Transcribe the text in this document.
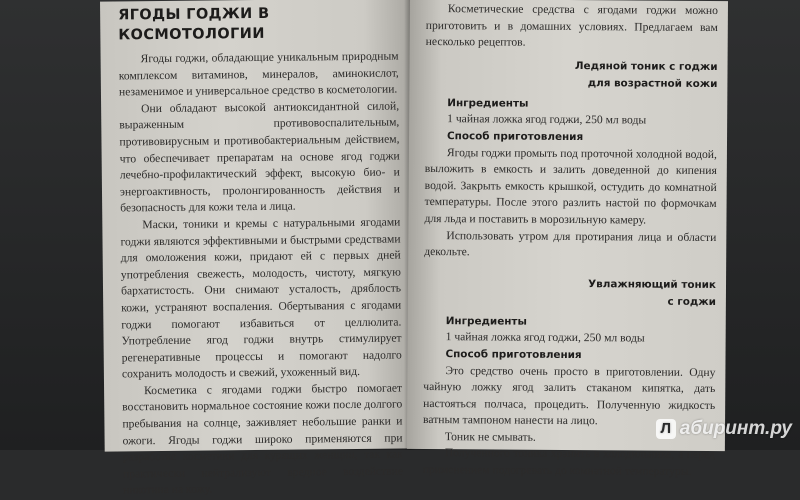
ЯГОДЫ ГОДЖИ В КОСМОТОЛОГИИ

Ягоды годжи, обладающие уникальным природным комплексом витаминов, минералов, аминокислот, незаменимое и универсальное средство в косметологии.

Они обладают высокой антиоксидантной силой, выраженным противовоспалительным, противовирусным и противобактериальным действием, что обеспечивает препаратам на основе ягод годжи лечебно-профилактический эффект, высокую био- и энергоактивность, пролонгированность действия и безопасность для кожи тела и лица.

Маски, тоники и кремы с натуральными ягодами годжи являются эффективными и быстрыми средствами для омоложения кожи, придают ей с первых дней употребления свежесть, молодость, чистоту, мягкую бархатистость. Они снимают усталость, дряблость кожи, устраняют воспаления. Обертывания с ягодами годжи помогают избавиться от целлюлита. Употребление ягод годжи внутрь стимулирует регенеративные процессы и помогают надолго сохранить молодость и свежий, ухоженный вид.

Косметика с ягодами годжи быстро помогает восстановить нормальное состояние кожи после долгого пребывания на солнце, заживляет небольшие ранки и ожоги. Ягоды годжи широко применяются при разработке косметики для курящих женщин, так как практически нейтрализуют вредное воздействие никотина на кожу.

Косметические средства с ягодами годжи можно приготовить и в домашних условиях. Предлагаем вам несколько рецептов.

Ледяной тоник с годжи
для возрастной кожи

Ингредиенты

1 чайная ложка ягод годжи, 250 мл воды

Способ приготовления

Ягоды годжи промыть под проточной холодной водой, выложить в емкость и залить доведенной до кипения водой. Закрыть емкость крышкой, остудить до комнатной температуры. После этого разлить настой по формочкам для льда и поставить в морозильную камеру.

Использовать утром для протирания лица и области декольте.

Увлажняющий тоник
с годжи

Ингредиенты

1 чайная ложка ягод годжи, 250 мл воды

Способ приготовления

Это средство очень просто в приготовлении. Одну чайную ложку ягод залить стаканом кипятка, дать настояться полчаса, процедить. Полученную жидкость ватным тампоном нанести на лицо.

Тоник не смывать.

Полученного тоника хранить в холодильнике, а перед применением подогревать до комнатной температуры.

Л абиринт.ру
